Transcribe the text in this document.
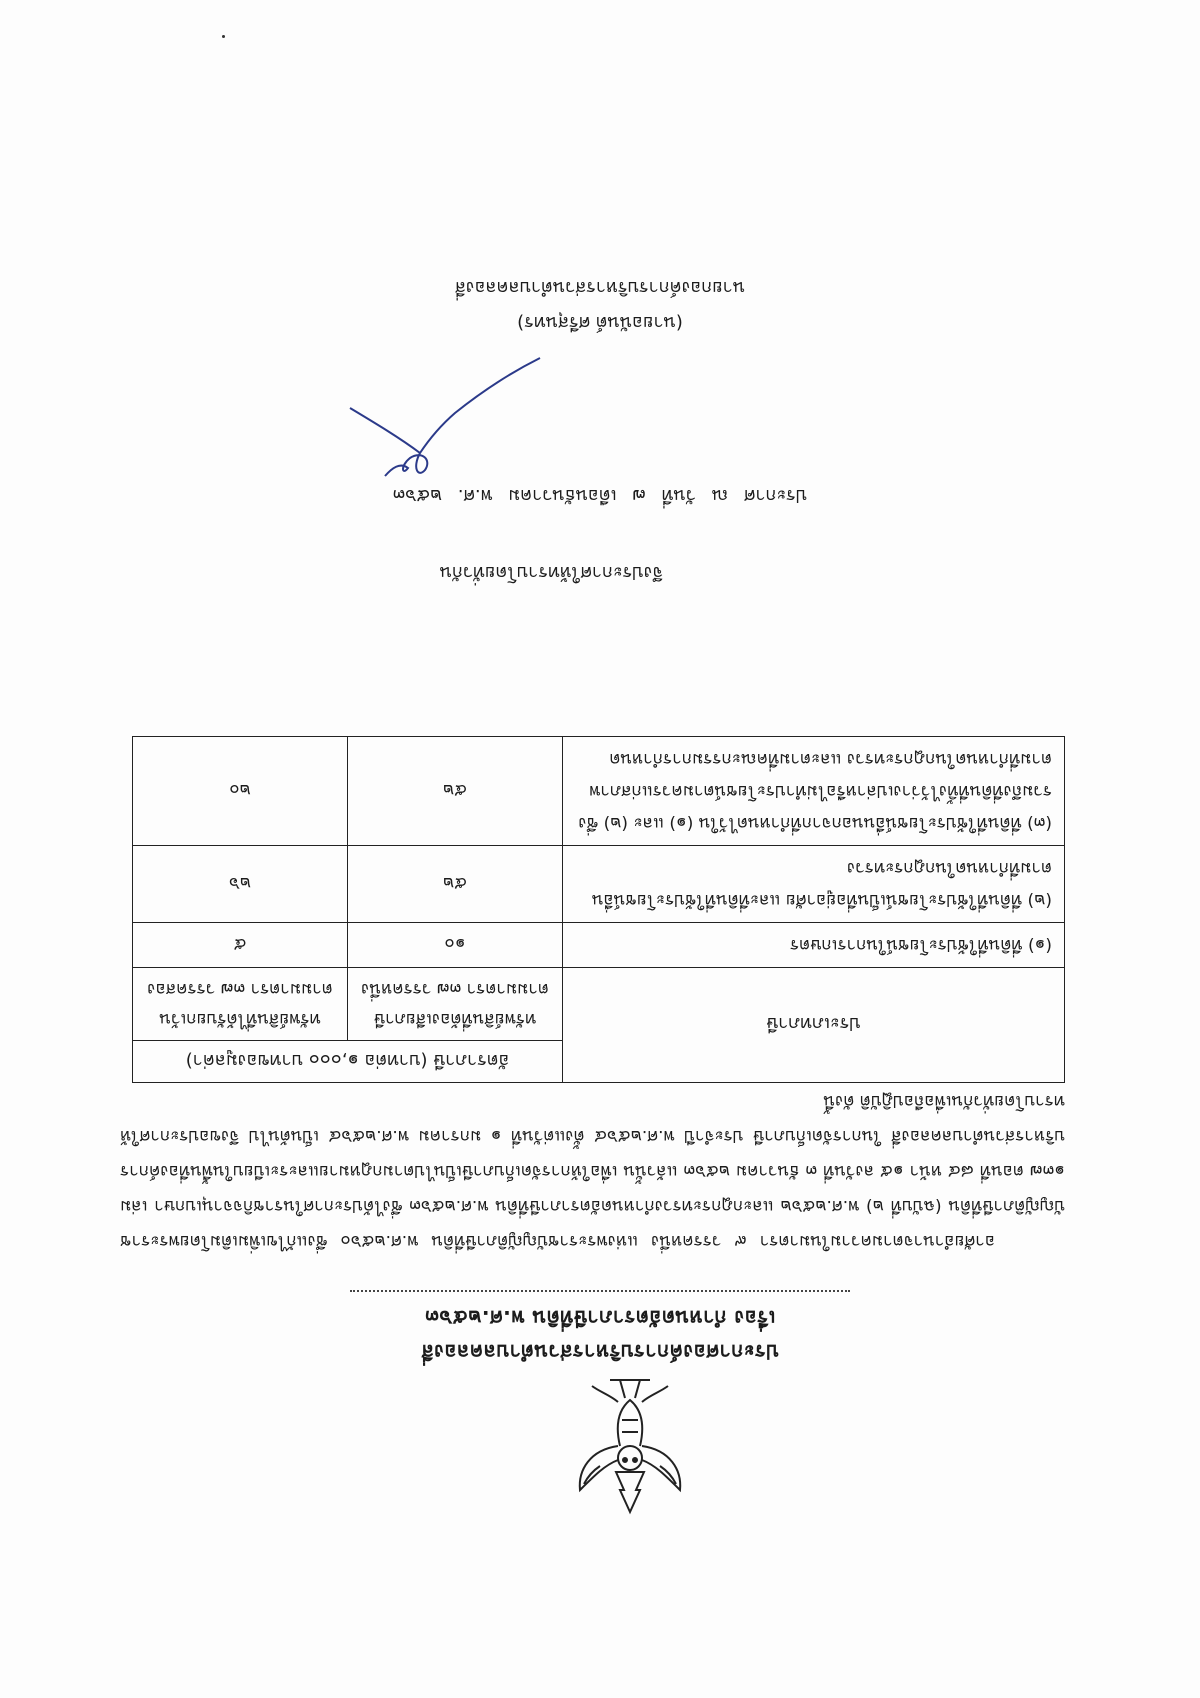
ประกาศองค์การบริหารส่วนตำบลคลองสี่
เรื่อง กำหนดอัตราภาษีที่ดิน พ.ศ.๒๕๖๓
อาศัยอำนาจตามความในมาตรา ๙ วรรคหนึ่ง แห่งพระราชบัญญัติภาษีที่ดิน พ.ศ.๒๕๖๐ ซึ่งแก้ไขเพิ่มเติมโดยพระราชบัญญัติภาษีที่ดิน (ฉบับที่ ๒) พ.ศ.๒๕๖๒ และกฎกระทรวงกำหนดอัตราภาษีที่ดิน พ.ศ.๒๕๖๓ ซึ่งได้ประกาศในราชกิจจานุเบกษา เล่ม ๑๓๗ ตอนที่ ๘๔ หน้า ๑๕ ลงวันที่ ๓ ธันวาคม ๒๕๖๓ แล้วนั้น เพื่อให้การจัดเก็บภาษีเป็นไปตามกฎหมายและระเบียบในพื้นที่องค์การบริหารส่วนตำบลคลองสี่ ในการจัดเก็บภาษี ประจำปี พ.ศ.๒๕๖๔ ตั้งแต่วันที่ ๑ มกราคม พ.ศ.๒๕๖๔ เป็นต้นไป จึงขอประกาศให้ทราบโดยทั่วกันเพื่อถือปฏิบัติ ดังนี้
ประเภทภาษี	อัตราภาษี (บาทต่อ ๑,๐๐๐ บาทของมูลค่า)	
	ทรัพย์สินที่ต้องเสียภาษี ตามมาตรา ๓๗ วรรคหนึ่ง	ทรัพย์สินที่ได้รับยกเว้น ตามมาตรา ๓๗ วรรคสอง
(๑) ที่ดินที่ใช้ประโยชน์ในการเกษตร	๑๐	๕
(๒) ที่ดินที่ใช้ประโยชน์เป็นที่อยู่อาศัย และที่ดินที่ใช้ประโยชน์อื่นตามที่กำหนดในกฎกระทรวง	๕๒	๒๖
(๓) ที่ดินที่ใช้ประโยชน์อื่นนอกจากที่กำหนดไว้ใน (๑) และ (๒) ซึ่งรวมถึงที่ดินที่ทิ้งไว้ว่างเปล่าหรือไม่ทำประโยชน์ตามควรแก่สภาพ ตามที่กำหนดในกฎกระทรวง และตามที่คณะกรรมการกำหนด	๕๒	๒๐
จึงประกาศให้ทราบโดยทั่วกัน
ประกาศ ณ วันที่ ๗ เดือนธันวาคม พ.ศ. ๒๕๖๓
(นายอนันต์ ศรีสุนทร)
นายกองค์การบริหารส่วนตำบลคลองสี่
